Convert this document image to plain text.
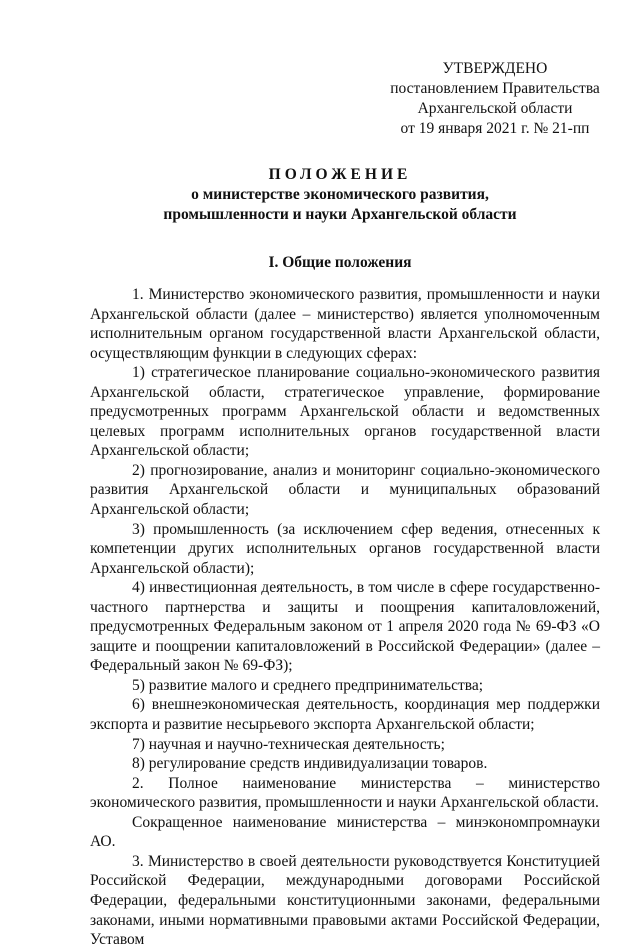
УТВЕРЖДЕНО
постановлением Правительства
Архангельской области
от 19 января 2021 г. № 21-пп
ПОЛОЖЕНИЕ
о министерстве экономического развития,
промышленности и науки Архангельской области
I. Общие положения

1. Министерство экономического развития, промышленности и науки Архангельской области (далее – министерство) является уполномоченным исполнительным органом государственной власти Архангельской области, осуществляющим функции в следующих сферах:

1) стратегическое планирование социально-экономического развития Архангельской области, стратегическое управление, формирование предусмотренных программ Архангельской области и ведомственных целевых программ исполнительных органов государственной власти Архангельской области;

2) прогнозирование, анализ и мониторинг социально-экономического развития Архангельской области и муниципальных образований Архангельской области;

3) промышленность (за исключением сфер ведения, отнесенных к компетенции других исполнительных органов государственной власти Архангельской области);

4) инвестиционная деятельность, в том числе в сфере государственно-частного партнерства и защиты и поощрения капиталовложений, предусмотренных Федеральным законом от 1 апреля 2020 года № 69-ФЗ «О защите и поощрении капиталовложений в Российской Федерации» (далее – Федеральный закон № 69-ФЗ);

5) развитие малого и среднего предпринимательства;

6) внешнеэкономическая деятельность, координация мер поддержки экспорта и развитие несырьевого экспорта Архангельской области;

7) научная и научно-техническая деятельность;

8) регулирование средств индивидуализации товаров.

2. Полное наименование министерства – министерство экономического развития, промышленности и науки Архангельской области.

Сокращенное наименование министерства – минэкономпромнауки АО.

3. Министерство в своей деятельности руководствуется Конституцией Российской Федерации, международными договорами Российской Федерации, федеральными конституционными законами, федеральными законами, иными нормативными правовыми актами Российской Федерации, Уставом
